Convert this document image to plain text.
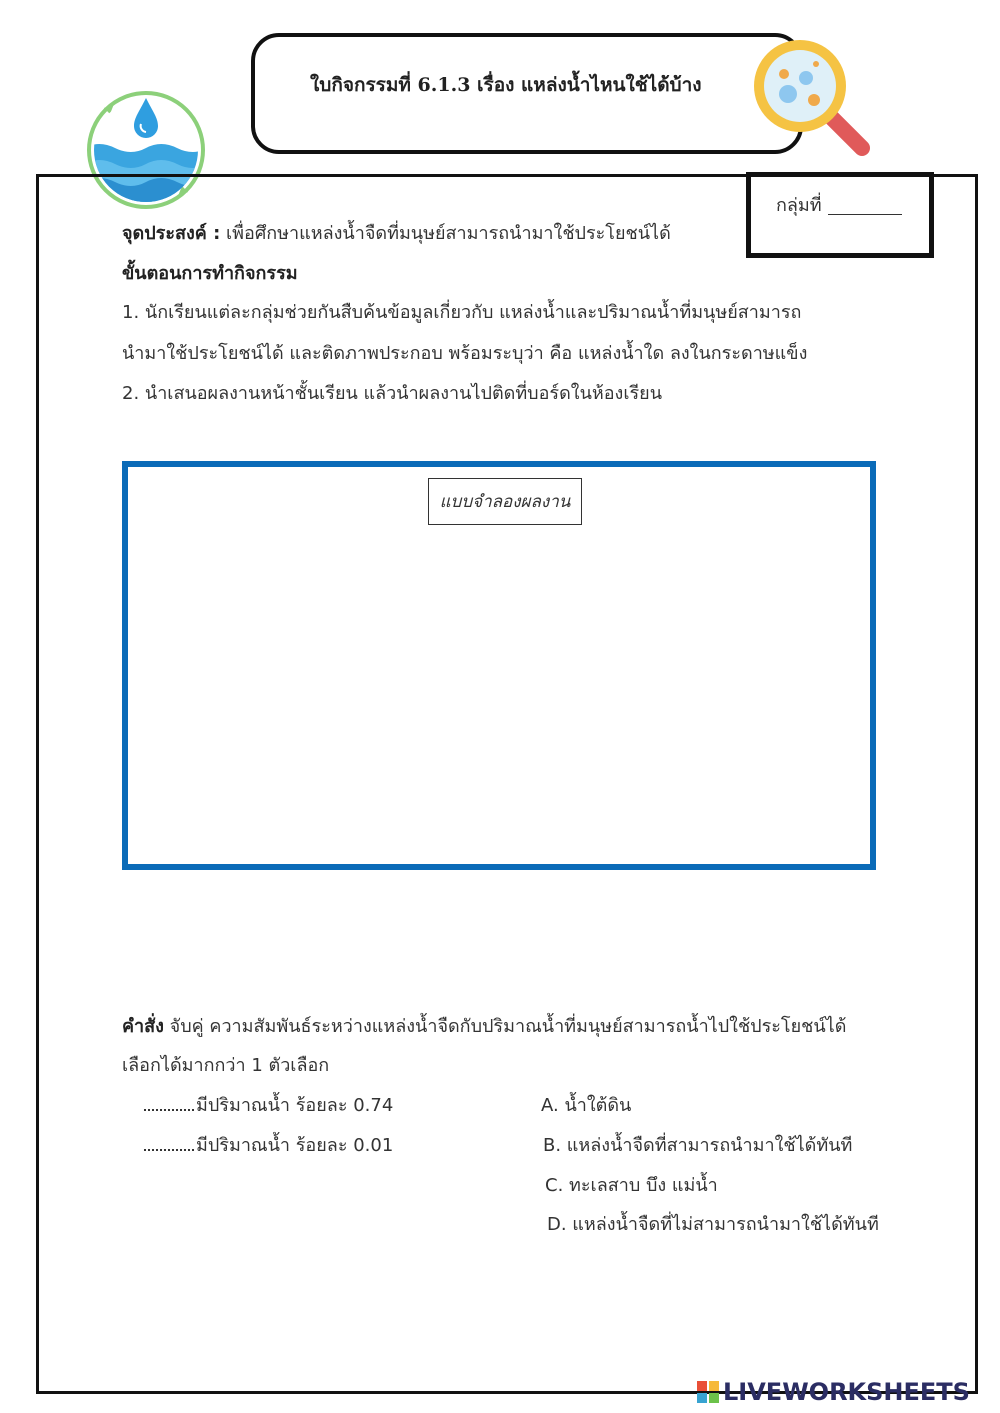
ใบกิจกรรมที่ 6.1.3 เรื่อง แหล่งน้ำไหนใช้ได้บ้าง
กลุ่มที่
จุดประสงค์ : เพื่อศึกษาแหล่งน้ำจืดที่มนุษย์สามารถนำมาใช้ประโยชน์ได้
ขั้นตอนการทำกิจกรรม
1. นักเรียนแต่ละกลุ่มช่วยกันสืบค้นข้อมูลเกี่ยวกับ แหล่งน้ำและปริมาณน้ำที่มนุษย์สามารถ
นำมาใช้ประโยชน์ได้ และติดภาพประกอบ พร้อมระบุว่า คือ แหล่งน้ำใด ลงในกระดาษแข็ง
2. นำเสนอผลงานหน้าชั้นเรียน แล้วนำผลงานไปติดที่บอร์ดในห้องเรียน
แบบจำลองผลงาน
คำสั่ง จับคู่ ความสัมพันธ์ระหว่างแหล่งน้ำจืดกับปริมาณน้ำที่มนุษย์สามารถน้ำไปใช้ประโยชน์ได้
เลือกได้มากกว่า 1 ตัวเลือก
มีปริมาณน้ำ ร้อยละ 0.74
มีปริมาณน้ำ ร้อยละ 0.01
A. น้ำใต้ดิน
B. แหล่งน้ำจืดที่สามารถนำมาใช้ได้ทันที
C. ทะเลสาบ บึง แม่น้ำ
D. แหล่งน้ำจืดที่ไม่สามารถนำมาใช้ได้ทันที
LIVEWORKSHEETS
